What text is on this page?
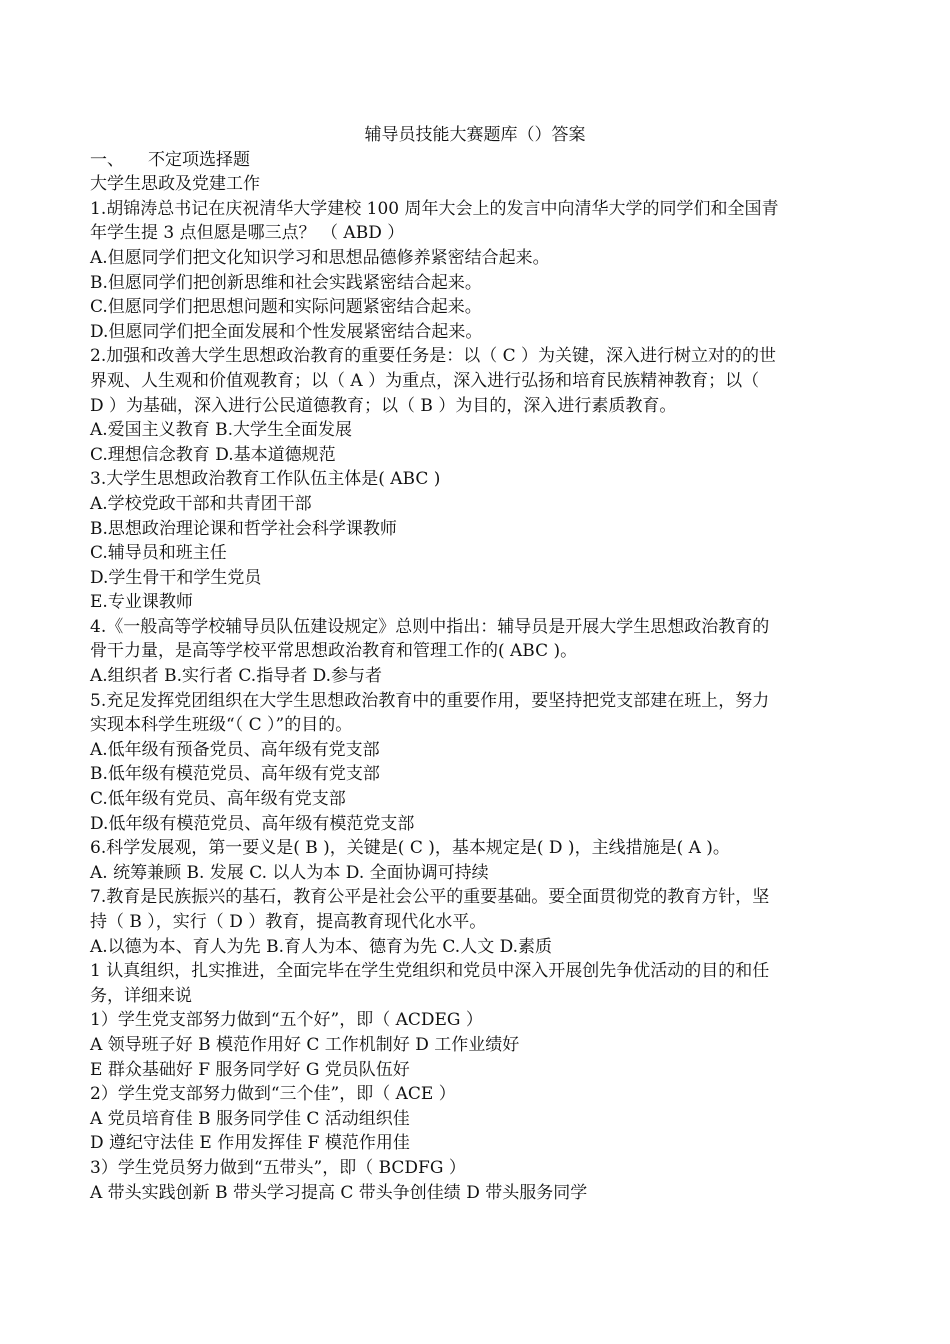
辅导员技能大赛题库（）答案
一、 不定项选择题
大学生思政及党建工作
1.胡锦涛总书记在庆祝清华大学建校 100 周年大会上的发言中向清华大学的同学们和全国青
年学生提 3 点但愿是哪三点？ （ ABD ）
A.但愿同学们把文化知识学习和思想品德修养紧密结合起来。
B.但愿同学们把创新思维和社会实践紧密结合起来。
C.但愿同学们把思想问题和实际问题紧密结合起来。
D.但愿同学们把全面发展和个性发展紧密结合起来。
2.加强和改善大学生思想政治教育的重要任务是：以（ C ）为关键，深入进行树立对的的世
界观、人生观和价值观教育；以（ A ）为重点，深入进行弘扬和培育民族精神教育；以（
D ）为基础，深入进行公民道德教育；以（ B ）为目的，深入进行素质教育。
A.爱国主义教育 B.大学生全面发展
C.理想信念教育 D.基本道德规范
3.大学生思想政治教育工作队伍主体是( ABC )
A.学校党政干部和共青团干部
B.思想政治理论课和哲学社会科学课教师
C.辅导员和班主任
D.学生骨干和学生党员
E.专业课教师
4.《一般高等学校辅导员队伍建设规定》总则中指出：辅导员是开展大学生思想政治教育的
骨干力量，是高等学校平常思想政治教育和管理工作的( ABC )。
A.组织者 B.实行者 C.指导者 D.参与者
5.充足发挥党团组织在大学生思想政治教育中的重要作用，要坚持把党支部建在班上，努力
实现本科学生班级“（ C ）”的目的。
A.低年级有预备党员、高年级有党支部
B.低年级有模范党员、高年级有党支部
C.低年级有党员、高年级有党支部
D.低年级有模范党员、高年级有模范党支部
6.科学发展观，第一要义是( B )，关键是( C )，基本规定是( D )，主线措施是( A )。
A. 统筹兼顾 B. 发展 C. 以人为本 D. 全面协调可持续
7.教育是民族振兴的基石，教育公平是社会公平的重要基础。要全面贯彻党的教育方针，坚
持（ B ），实行（ D ）教育，提高教育现代化水平。
A.以德为本、育人为先 B.育人为本、德育为先 C.人文 D.素质
1 认真组织，扎实推进，全面完毕在学生党组织和党员中深入开展创先争优活动的目的和任
务，详细来说
1）学生党支部努力做到“五个好”，即（ ACDEG ）
A 领导班子好 B 模范作用好 C 工作机制好 D 工作业绩好
E 群众基础好 F 服务同学好 G 党员队伍好
2）学生党支部努力做到“三个佳”，即（ ACE ）
A 党员培育佳 B 服务同学佳 C 活动组织佳
D 遵纪守法佳 E 作用发挥佳 F 模范作用佳
3）学生党员努力做到“五带头”，即（ BCDFG ）
A 带头实践创新 B 带头学习提高 C 带头争创佳绩 D 带头服务同学
